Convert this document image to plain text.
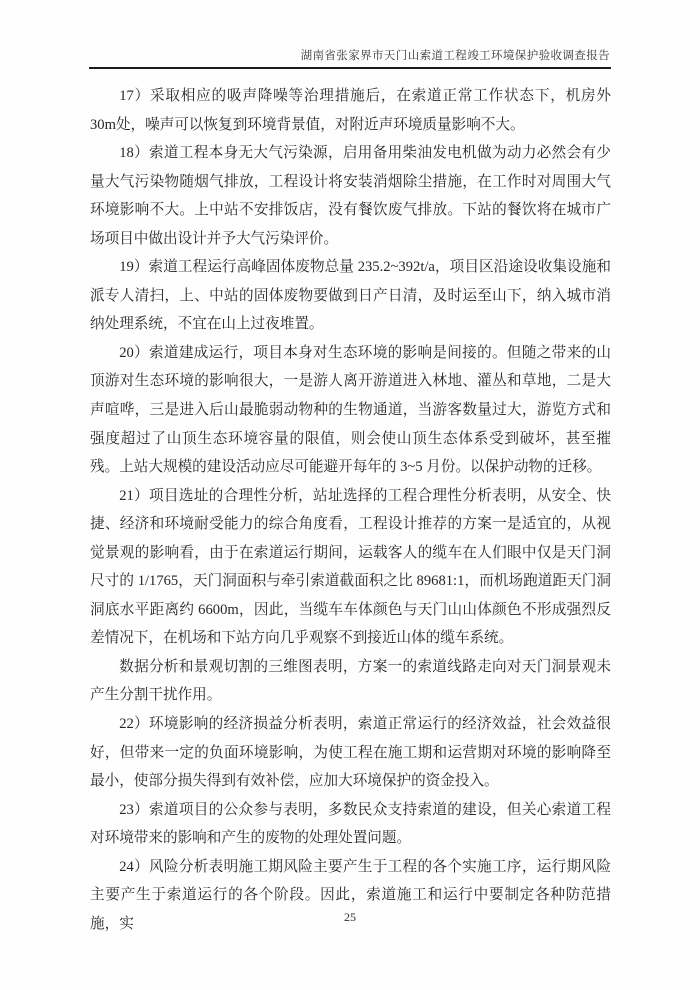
湖南省张家界市天门山索道工程竣工环境保护验收调查报告

17）采取相应的吸声降噪等治理措施后，在索道正常工作状态下，机房外 30m处，噪声可以恢复到环境背景值，对附近声环境质量影响不大。

18）索道工程本身无大气污染源，启用备用柴油发电机做为动力必然会有少量大气污染物随烟气排放，工程设计将安装消烟除尘措施，在工作时对周围大气环境影响不大。上中站不安排饭店，没有餐饮废气排放。下站的餐饮将在城市广场项目中做出设计并予大气污染评价。

19）索道工程运行高峰固体废物总量 235.2~392t/a，项目区沿途设收集设施和派专人清扫，上、中站的固体废物要做到日产日清，及时运至山下，纳入城市消纳处理系统，不宜在山上过夜堆置。

20）索道建成运行，项目本身对生态环境的影响是间接的。但随之带来的山顶游对生态环境的影响很大，一是游人离开游道进入林地、灌丛和草地，二是大声喧哗，三是进入后山最脆弱动物种的生物通道，当游客数量过大，游览方式和强度超过了山顶生态环境容量的限值，则会使山顶生态体系受到破坏，甚至摧残。上站大规模的建设活动应尽可能避开每年的 3~5 月份。以保护动物的迁移。

21）项目选址的合理性分析，站址选择的工程合理性分析表明，从安全、快捷、经济和环境耐受能力的综合角度看，工程设计推荐的方案一是适宜的，从视觉景观的影响看，由于在索道运行期间，运载客人的缆车在人们眼中仅是天门洞尺寸的 1/1765，天门洞面积与牵引索道截面积之比 89681:1，而机场跑道距天门洞洞底水平距离约 6600m，因此，当缆车车体颜色与天门山山体颜色不形成强烈反差情况下，在机场和下站方向几乎观察不到接近山体的缆车系统。

数据分析和景观切割的三维图表明，方案一的索道线路走向对天门洞景观未产生分割干扰作用。

22）环境影响的经济损益分析表明，索道正常运行的经济效益，社会效益很好，但带来一定的负面环境影响，为使工程在施工期和运营期对环境的影响降至最小，使部分损失得到有效补偿，应加大环境保护的资金投入。

23）索道项目的公众参与表明，多数民众支持索道的建设，但关心索道工程对环境带来的影响和产生的废物的处理处置问题。

24）风险分析表明施工期风险主要产生于工程的各个实施工序，运行期风险主要产生于索道运行的各个阶段。因此，索道施工和运行中要制定各种防范措施，实	25
